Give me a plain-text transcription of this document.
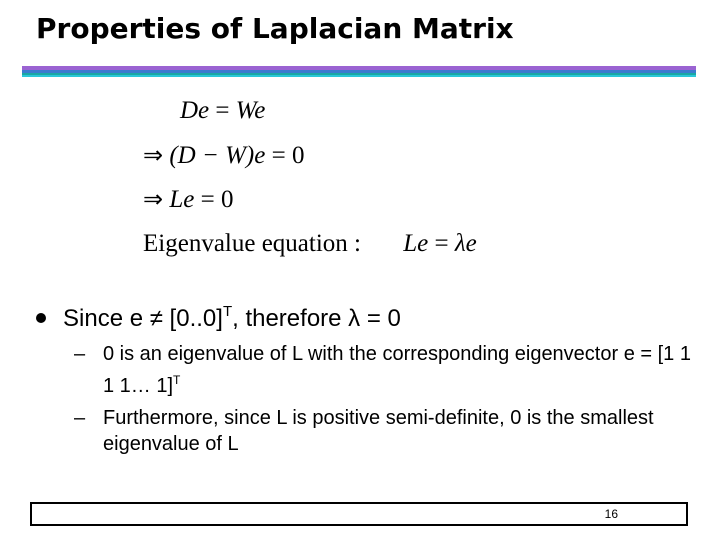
Properties of Laplacian Matrix
De = We
⇒ (D − W)e = 0
⇒ Le = 0
Eigenvalue equation : Le = λe
Since $e \ne [0..0]^T$, therefore λ = 0
– 0 is an eigenvalue of L with the corresponding eigenvector e = [1 1 1 1… 1]$^T$
– Furthermore, since L is positive semi-definite, 0 is the smallest eigenvalue of L
16
